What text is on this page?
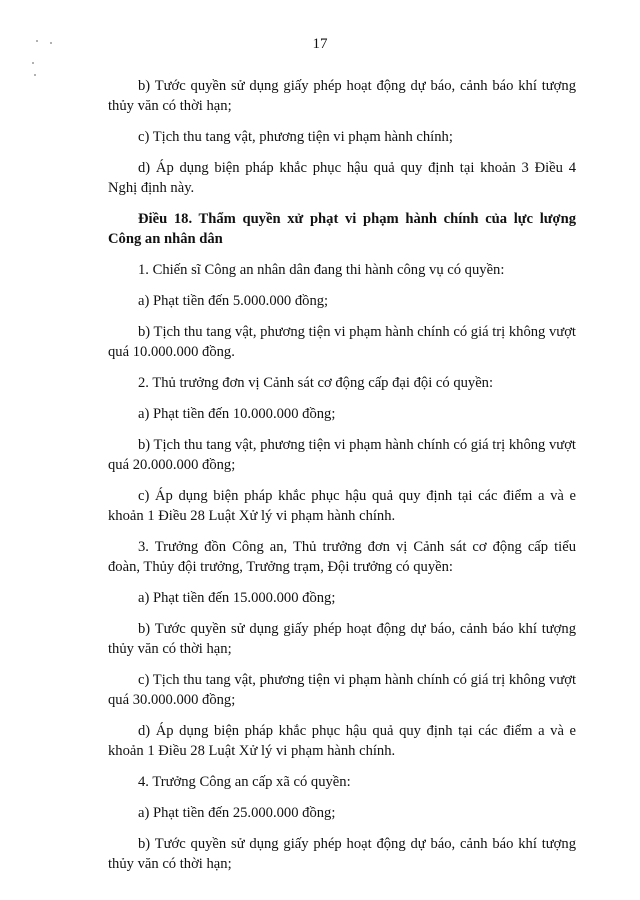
17

b) Tước quyền sử dụng giấy phép hoạt động dự báo, cảnh báo khí tượng thủy văn có thời hạn;

c) Tịch thu tang vật, phương tiện vi phạm hành chính;

d) Áp dụng biện pháp khắc phục hậu quả quy định tại khoản 3 Điều 4 Nghị định này.

Điều 18. Thẩm quyền xử phạt vi phạm hành chính của lực lượng Công an nhân dân

1. Chiến sĩ Công an nhân dân đang thi hành công vụ có quyền:

a) Phạt tiền đến 5.000.000 đồng;

b) Tịch thu tang vật, phương tiện vi phạm hành chính có giá trị không vượt quá 10.000.000 đồng.

2. Thủ trưởng đơn vị Cảnh sát cơ động cấp đại đội có quyền:

a) Phạt tiền đến 10.000.000 đồng;

b) Tịch thu tang vật, phương tiện vi phạm hành chính có giá trị không vượt quá 20.000.000 đồng;

c) Áp dụng biện pháp khắc phục hậu quả quy định tại các điểm a và e khoản 1 Điều 28 Luật Xử lý vi phạm hành chính.

3. Trưởng đồn Công an, Thủ trưởng đơn vị Cảnh sát cơ động cấp tiểu đoàn, Thủy đội trưởng, Trưởng trạm, Đội trưởng có quyền:

a) Phạt tiền đến 15.000.000 đồng;

b) Tước quyền sử dụng giấy phép hoạt động dự báo, cảnh báo khí tượng thủy văn có thời hạn;

c) Tịch thu tang vật, phương tiện vi phạm hành chính có giá trị không vượt quá 30.000.000 đồng;

d) Áp dụng biện pháp khắc phục hậu quả quy định tại các điểm a và e khoản 1 Điều 28 Luật Xử lý vi phạm hành chính.

4. Trưởng Công an cấp xã có quyền:

a) Phạt tiền đến 25.000.000 đồng;

b) Tước quyền sử dụng giấy phép hoạt động dự báo, cảnh báo khí tượng thủy văn có thời hạn;
